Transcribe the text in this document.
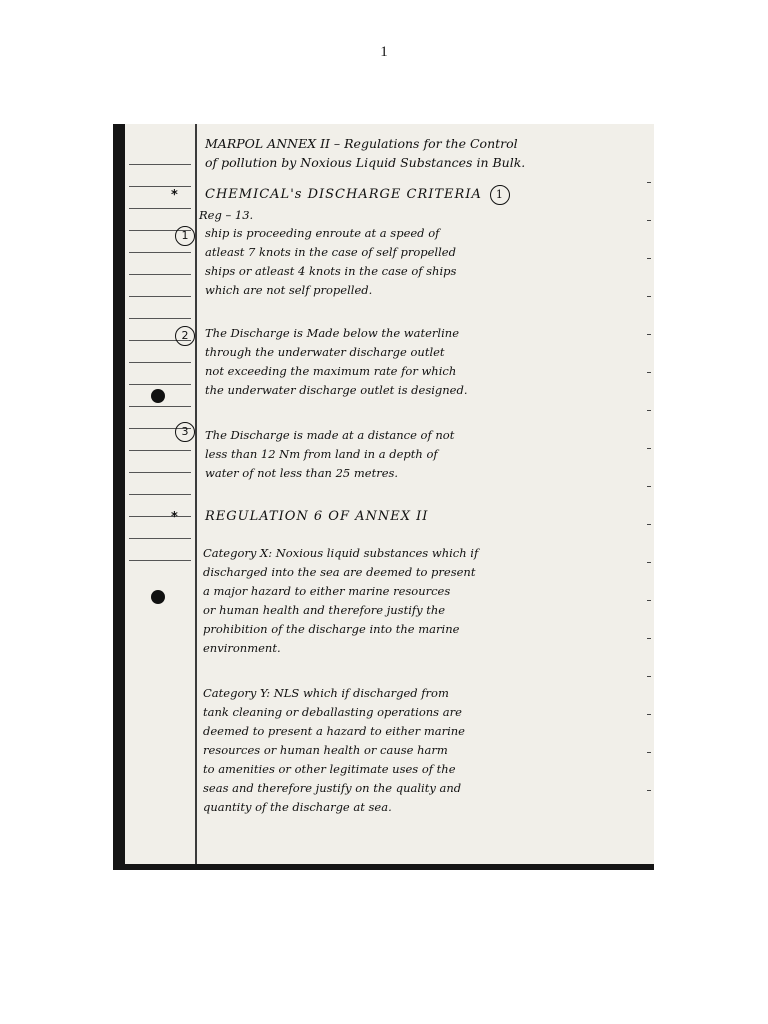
1
MARPOL ANNEX II – Regulations for the Control
of pollution by Noxious Liquid Substances in Bulk.
* CHEMICAL's DISCHARGE CRITERIA 1
Reg – 13.
1	ship is proceeding enroute at a speed of
atleast 7 knots in the case of self propelled
ships or atleast 4 knots in the case of ships
which are not self propelled.
2	The Discharge is Made below the waterline
through the underwater discharge outlet
not exceeding the maximum rate for which
the underwater discharge outlet is designed.
3	The Discharge is made at a distance of not
less than 12 Nm from land in a depth of
water of not less than 25 metres.
* REGULATION 6 OF ANNEX II
Category X: Noxious liquid substances which if
discharged into the sea are deemed to present
a major hazard to either marine resources
or human health and therefore justify the
prohibition of the discharge into the marine
environment.
Category Y: NLS which if discharged from
tank cleaning or deballasting operations are
deemed to present a hazard to either marine
resources or human health or cause harm
to amenities or other legitimate uses of the
seas and therefore justify on the quality and
quantity of the discharge at sea.
